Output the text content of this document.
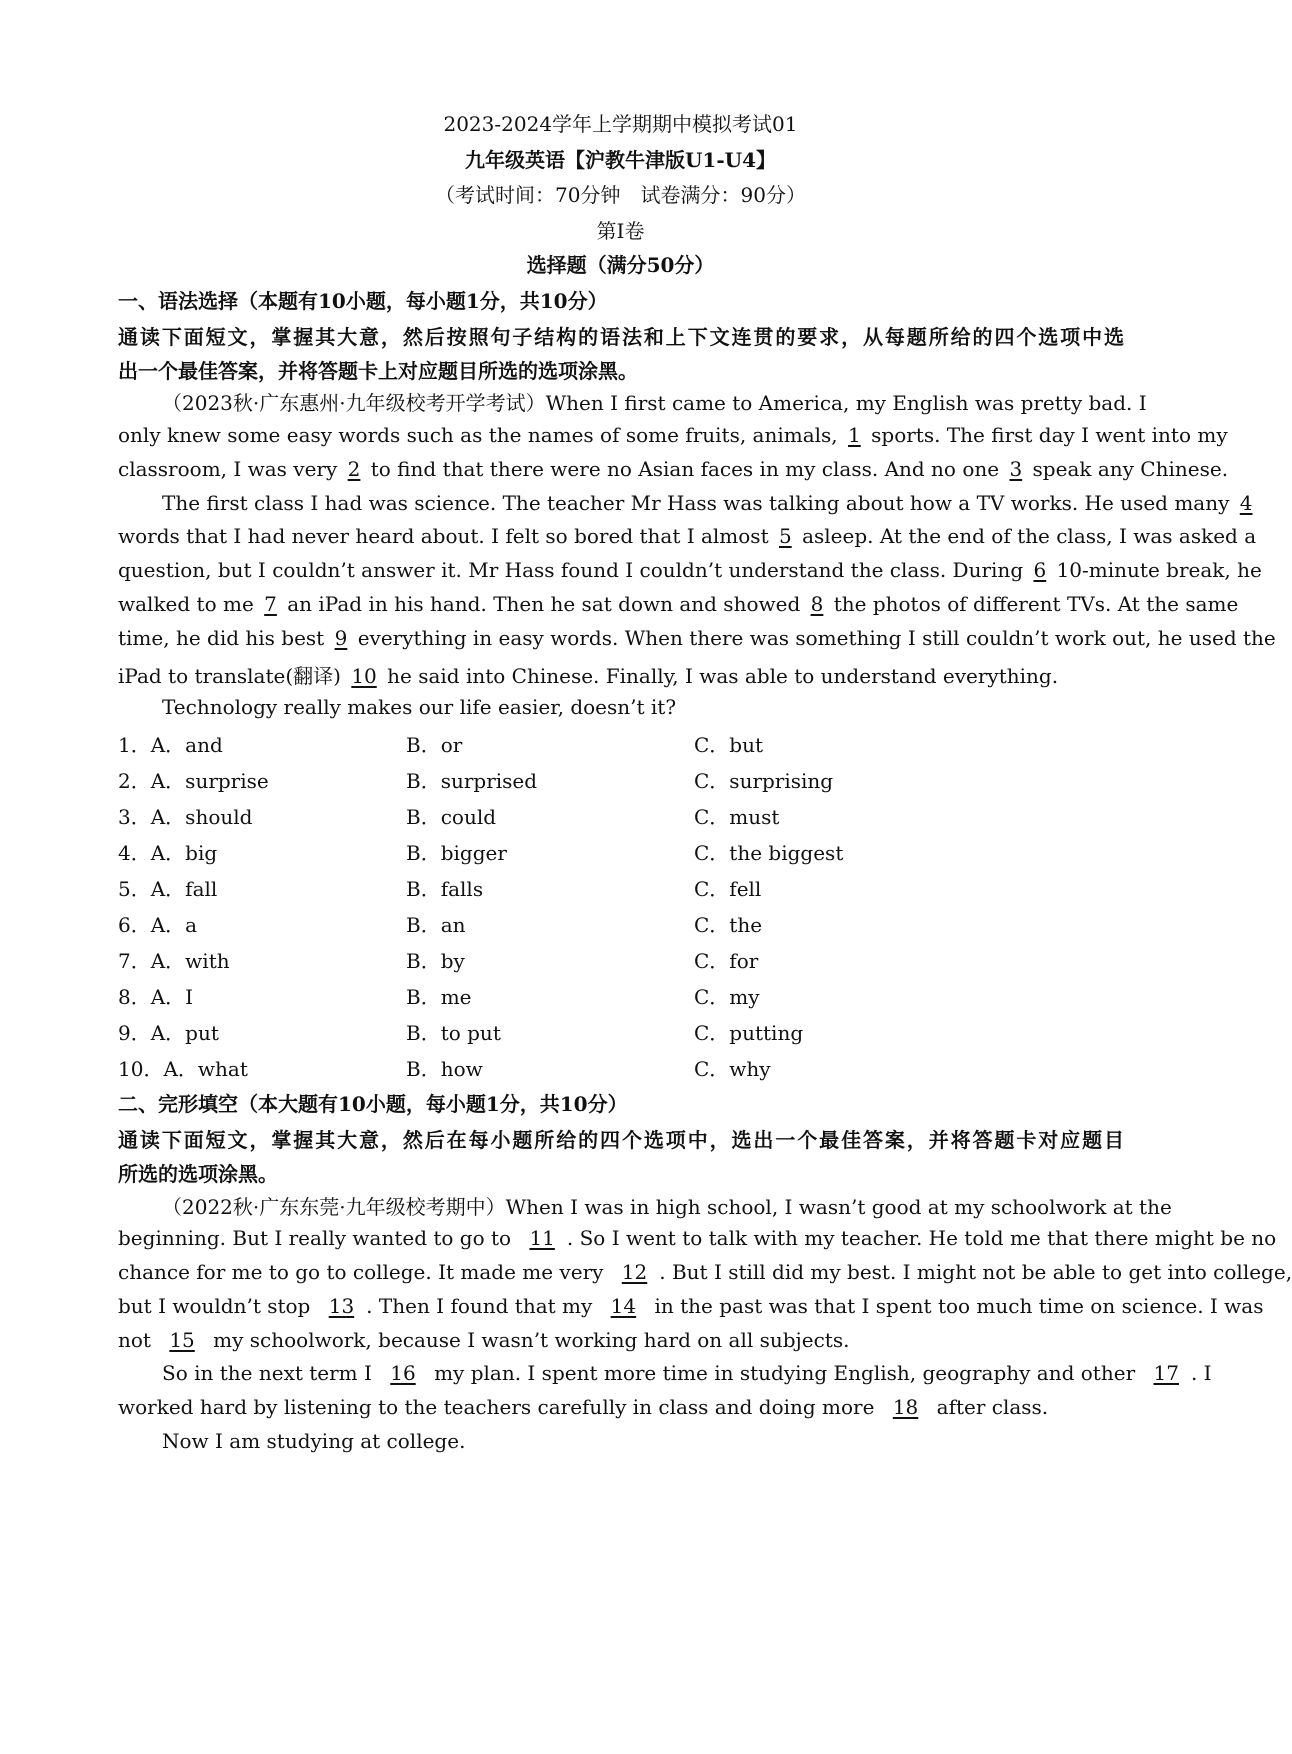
2023-2024学年上学期期中模拟考试01
九年级英语【沪教牛津版U1-U4】
（考试时间：70分钟　试卷满分：90分）
第Ⅰ卷
选择题（满分50分）
一、语法选择（本题有10小题，每小题1分，共10分）
通读下面短文，掌握其大意，然后按照句子结构的语法和上下文连贯的要求，从每题所给的四个选项中选
出一个最佳答案，并将答题卡上对应题目所选的选项涂黑。
（2023秋·广东惠州·九年级校考开学考试）When I first came to America, my English was pretty bad. I
only knew some easy words such as the names of some fruits, animals, 1 sports. The first day I went into my
classroom, I was very 2 to find that there were no Asian faces in my class. And no one 3 speak any Chinese.
The first class I had was science. The teacher Mr Hass was talking about how a TV works. He used many 4
words that I had never heard about. I felt so bored that I almost 5 asleep. At the end of the class, I was asked a
question, but I couldn’t answer it. Mr Hass found I couldn’t understand the class. During 6 10-minute break, he
walked to me 7 an iPad in his hand. Then he sat down and showed 8 the photos of different TVs. At the same
time, he did his best 9 everything in easy words. When there was something I still couldn’t work out, he used the
iPad to translate(翻译) 10 he said into Chinese. Finally, I was able to understand everything.
Technology really makes our life easier, doesn’t it?
1．A．and	B．or	C．but
2．A．surprise	B．surprised	C．surprising
3．A．should	B．could	C．must
4．A．big	B．bigger	C．the biggest
5．A．fall	B．falls	C．fell
6．A．a	B．an	C．the
7．A．with	B．by	C．for
8．A．I	B．me	C．my
9．A．put	B．to put	C．putting
10．A．what	B．how	C．why
二、完形填空（本大题有10小题，每小题1分，共10分）
通读下面短文，掌握其大意，然后在每小题所给的四个选项中，选出一个最佳答案，并将答题卡对应题目
所选的选项涂黑。
（2022秋·广东东莞·九年级校考期中）When I was in high school, I wasn’t good at my schoolwork at the
beginning. But I really wanted to go to 11 . So I went to talk with my teacher. He told me that there might be no
chance for me to go to college. It made me very 12 . But I still did my best. I might not be able to get into college,
but I wouldn’t stop 13 . Then I found that my 14 in the past was that I spent too much time on science. I was
not 15 my schoolwork, because I wasn’t working hard on all subjects.
So in the next term I 16 my plan. I spent more time in studying English, geography and other 17 . I
worked hard by listening to the teachers carefully in class and doing more 18 after class.
Now I am studying at college.
